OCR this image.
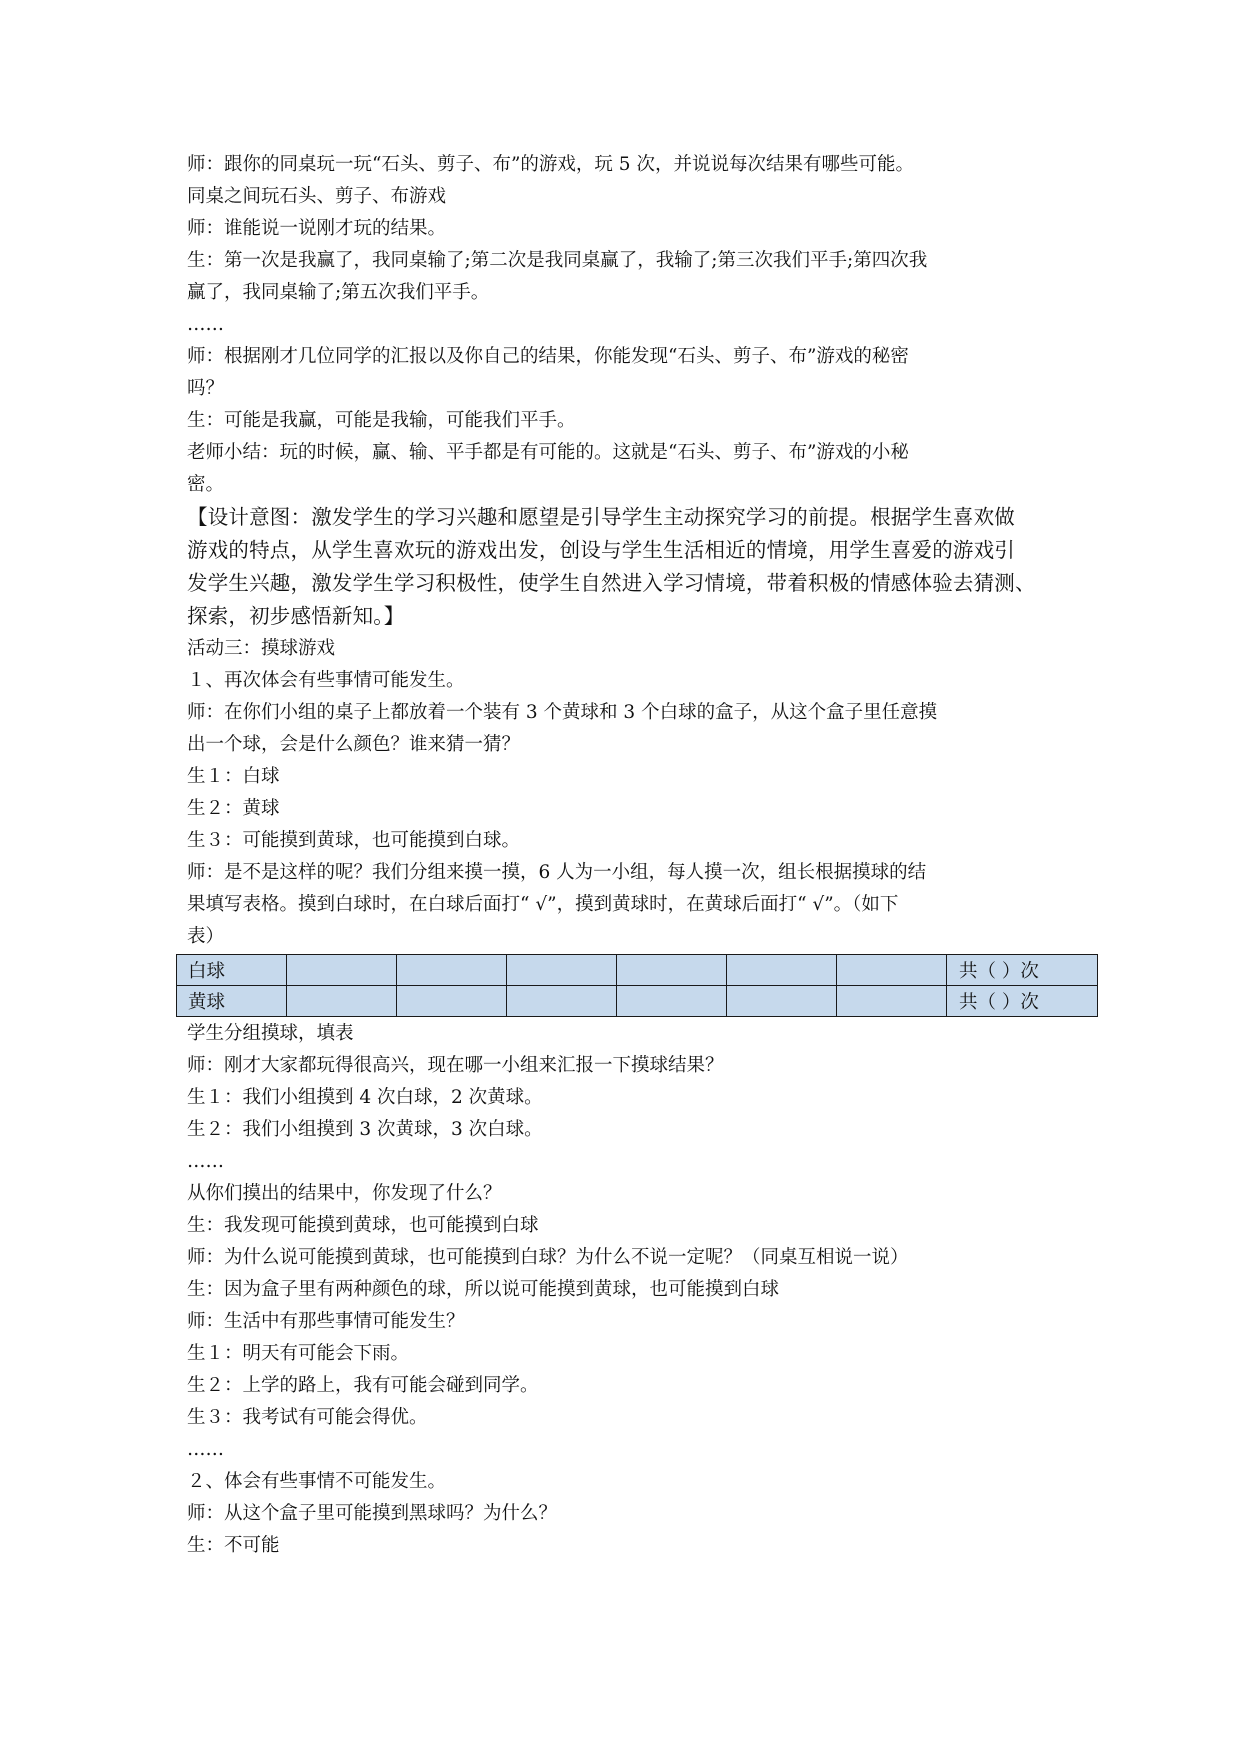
师：跟你的同桌玩一玩“石头、剪子、布”的游戏，玩 5 次，并说说每次结果有哪些可能。
同桌之间玩石头、剪子、布游戏
师：谁能说一说刚才玩的结果。
生：第一次是我赢了，我同桌输了;第二次是我同桌赢了，我输了;第三次我们平手;第四次我
赢了，我同桌输了;第五次我们平手。
……
师：根据刚才几位同学的汇报以及你自己的结果，你能发现“石头、剪子、布”游戏的秘密
吗？
生：可能是我赢，可能是我输，可能我们平手。
老师小结：玩的时候，赢、输、平手都是有可能的。这就是“石头、剪子、布”游戏的小秘
密。
【设计意图：激发学生的学习兴趣和愿望是引导学生主动探究学习的前提。根据学生喜欢做
游戏的特点，从学生喜欢玩的游戏出发，创设与学生生活相近的情境，用学生喜爱的游戏引
发学生兴趣，激发学生学习积极性，使学生自然进入学习情境，带着积极的情感体验去猜测、
探索，初步感悟新知。】
活动三：摸球游戏
１、再次体会有些事情可能发生。
师：在你们小组的桌子上都放着一个装有 3 个黄球和 3 个白球的盒子，从这个盒子里任意摸
出一个球，会是什么颜色？谁来猜一猜？
生１：白球
生２：黄球
生３：可能摸到黄球，也可能摸到白球。
师：是不是这样的呢？我们分组来摸一摸，6 人为一小组，每人摸一次，组长根据摸球的结
果填写表格。摸到白球时，在白球后面打“ √”，摸到黄球时，在黄球后面打“ √”。（如下
表）
白球							共（ ）次
黄球							共（ ）次
学生分组摸球，填表
师：刚才大家都玩得很高兴，现在哪一小组来汇报一下摸球结果？
生１：我们小组摸到 4 次白球，2 次黄球。
生２：我们小组摸到 3 次黄球，3 次白球。
……
从你们摸出的结果中，你发现了什么？
生：我发现可能摸到黄球，也可能摸到白球
师：为什么说可能摸到黄球，也可能摸到白球？为什么不说一定呢？（同桌互相说一说）
生：因为盒子里有两种颜色的球，所以说可能摸到黄球，也可能摸到白球
师：生活中有那些事情可能发生？
生１：明天有可能会下雨。
生２：上学的路上，我有可能会碰到同学。
生３：我考试有可能会得优。
……
２、体会有些事情不可能发生。
师：从这个盒子里可能摸到黑球吗？为什么？
生：不可能
